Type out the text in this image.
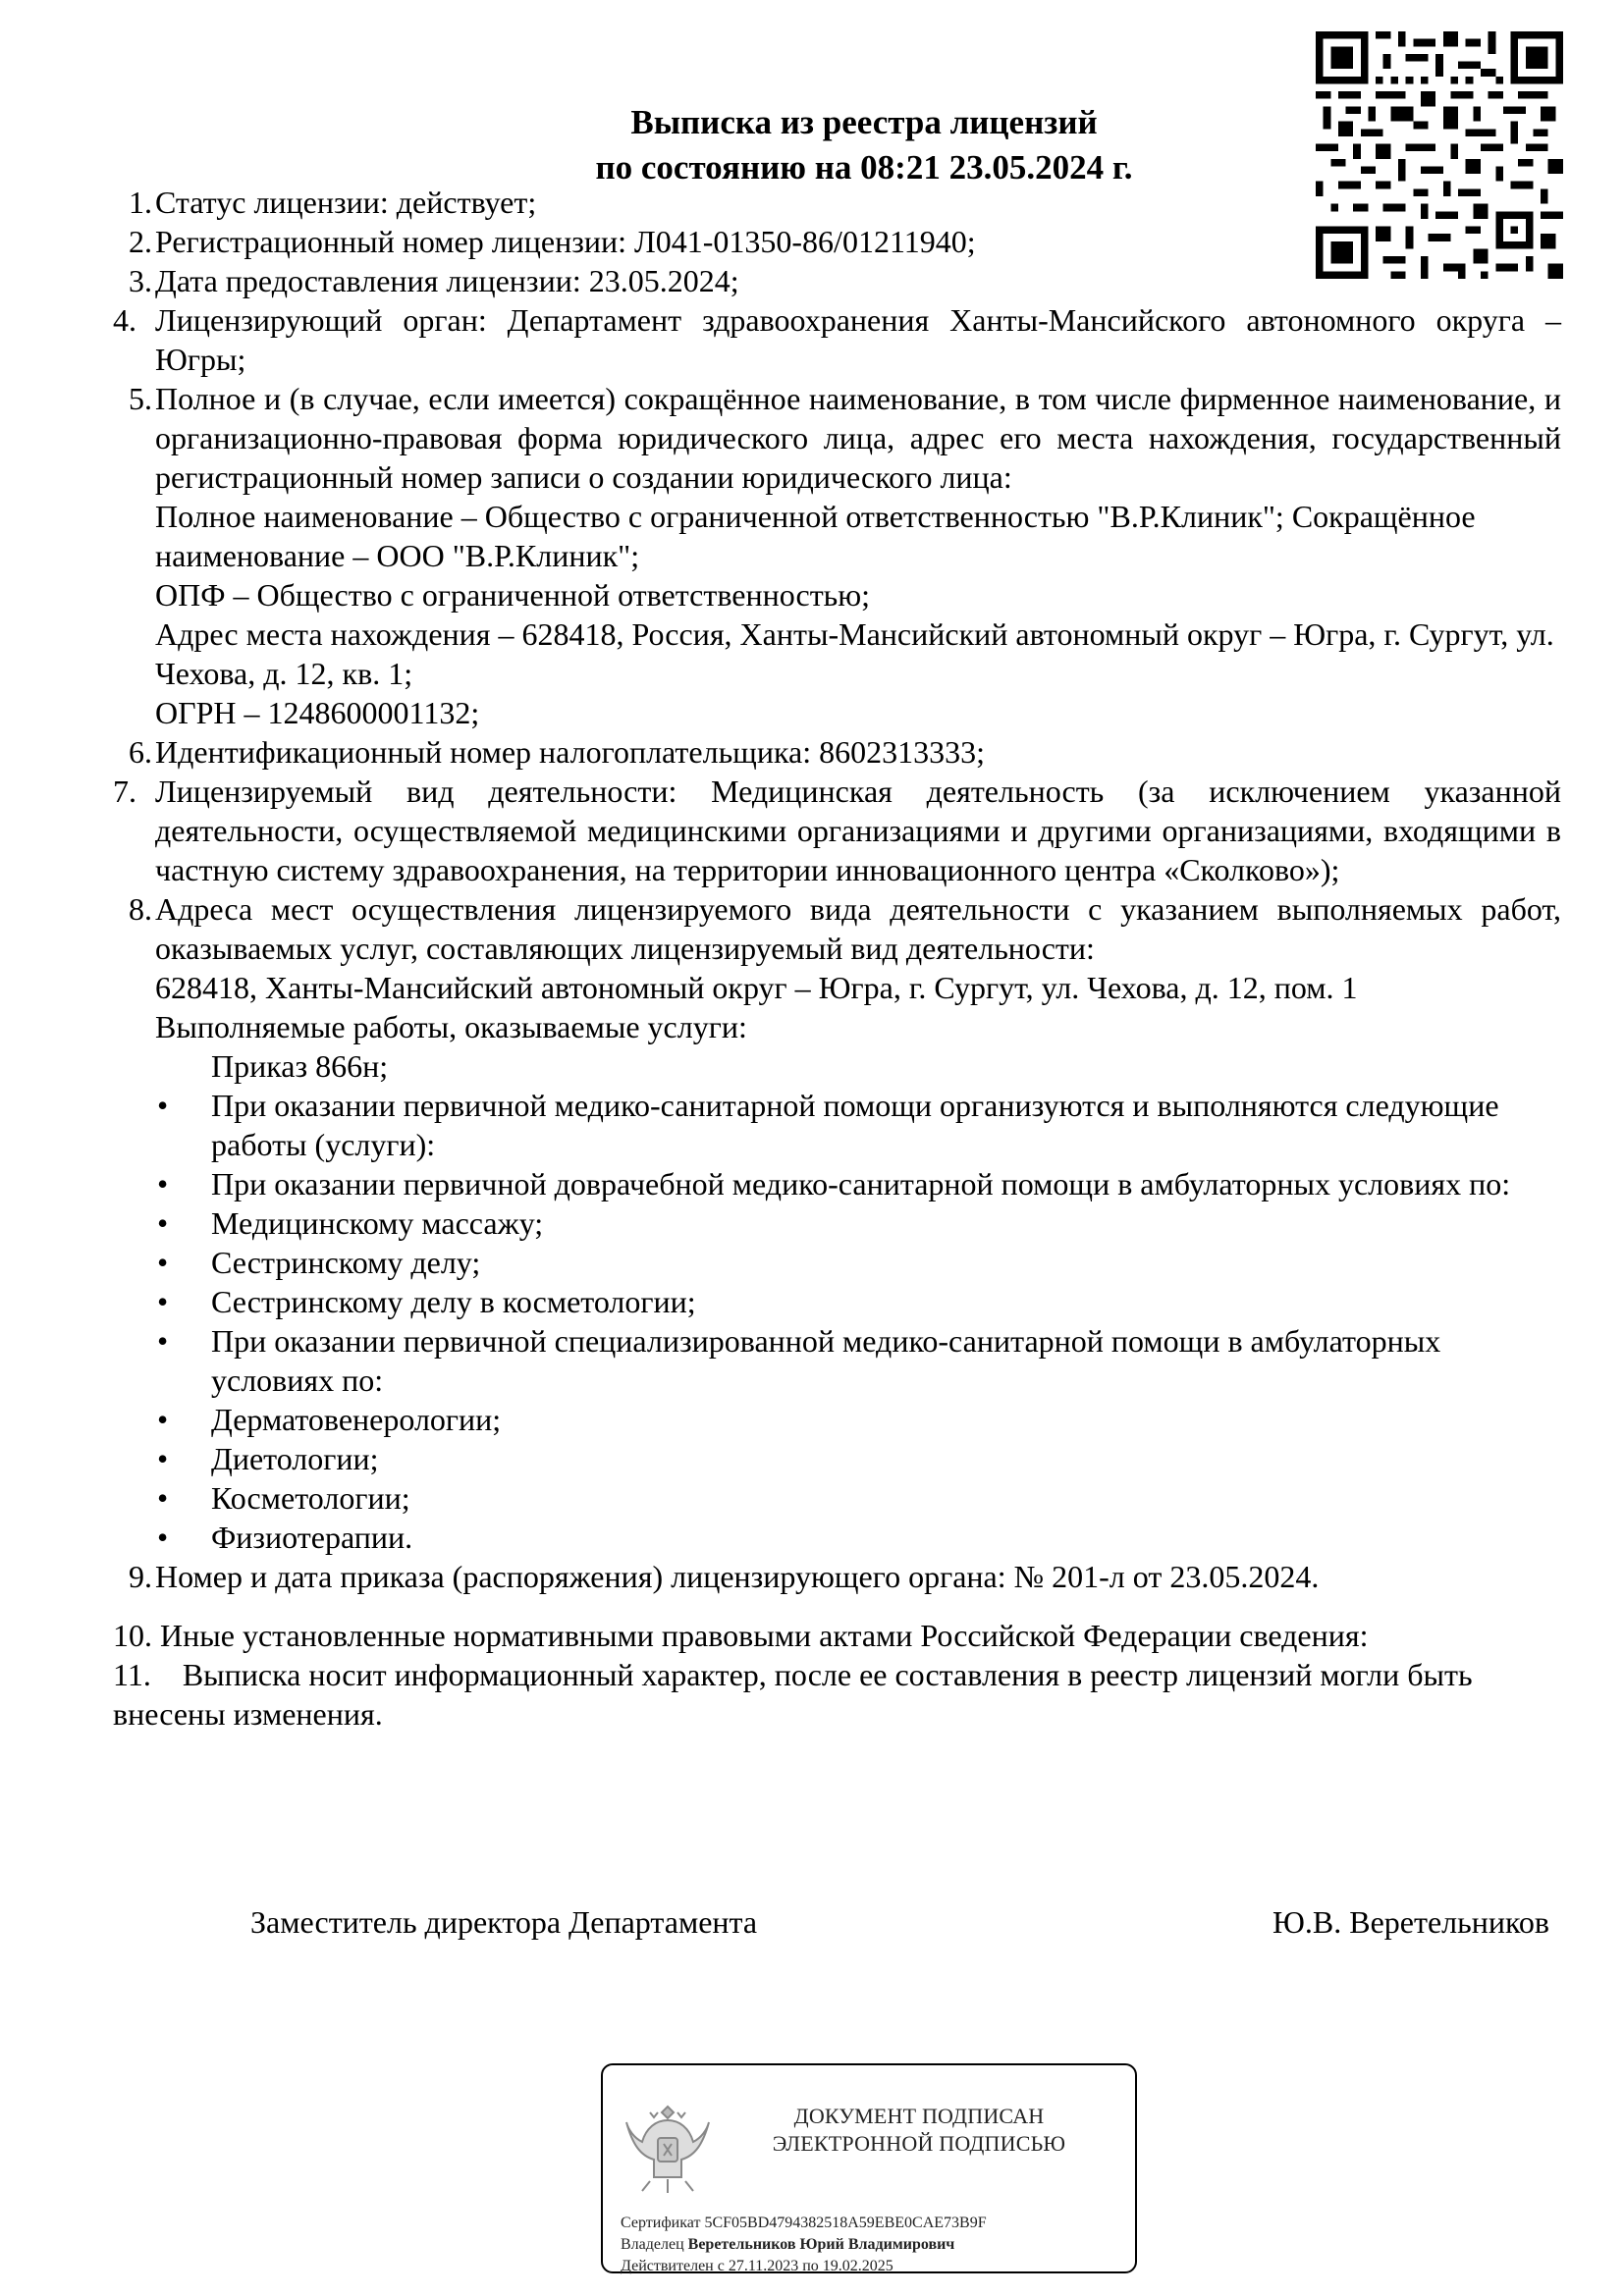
Выписка из реестра лицензий
по состоянию на 08:21 23.05.2024 г.
1. Статус лицензии: действует;
2. Регистрационный номер лицензии: Л041-01350-86/01211940;
3. Дата предоставления лицензии: 23.05.2024;
4. Лицензирующий орган: Департамент здравоохранения Ханты-Мансийского автономного округа – Югры;
5. Полное и (в случае, если имеется) сокращённое наименование, в том числе фирменное наименование, и организационно-правовая форма юридического лица, адрес его места нахождения, государственный регистрационный номер записи о создании юридического лица:
Полное наименование – Общество с ограниченной ответственностью "В.Р.Клиник"; Сокращённое наименование – ООО "В.Р.Клиник";
ОПФ – Общество с ограниченной ответственностью;
Адрес места нахождения – 628418, Россия, Ханты-Мансийский автономный округ – Югра, г. Сургут, ул. Чехова, д. 12, кв. 1;
ОГРН – 1248600001132;
6. Идентификационный номер налогоплательщика: 8602313333;
7. Лицензируемый вид деятельности: Медицинская деятельность (за исключением указанной деятельности, осуществляемой медицинскими организациями и другими организациями, входящими в частную систему здравоохранения, на территории инновационного центра «Сколково»);
8. Адреса мест осуществления лицензируемого вида деятельности с указанием выполняемых работ, оказываемых услуг, составляющих лицензируемый вид деятельности:
628418, Ханты-Мансийский автономный округ – Югра, г. Сургут, ул. Чехова, д. 12, пом. 1
Выполняемые работы, оказываемые услуги:
Приказ 866н;
• При оказании первичной медико-санитарной помощи организуются и выполняются следующие работы (услуги):
• При оказании первичной доврачебной медико-санитарной помощи в амбулаторных условиях по:
• Медицинскому массажу;
• Сестринскому делу;
• Сестринскому делу в косметологии;
• При оказании первичной специализированной медико-санитарной помощи в амбулаторных условиях по:
• Дерматовенерологии;
• Диетологии;
• Косметологии;
• Физиотерапии.
9. Номер и дата приказа (распоряжения) лицензирующего органа: № 201-л от 23.05.2024.
10. Иные установленные нормативными правовыми актами Российской Федерации сведения:
11. Выписка носит информационный характер, после ее составления в реестр лицензий могли быть внесены изменения.
Заместитель директора Департамента	Ю.В. Веретельников
ДОКУМЕНТ ПОДПИСАН
ЭЛЕКТРОННОЙ ПОДПИСЬЮ
Сертификат 5CF05BD4794382518A59EBE0CAE73B9F
Владелец Веретельников Юрий Владимирович
Действителен с 27.11.2023 по 19.02.2025
